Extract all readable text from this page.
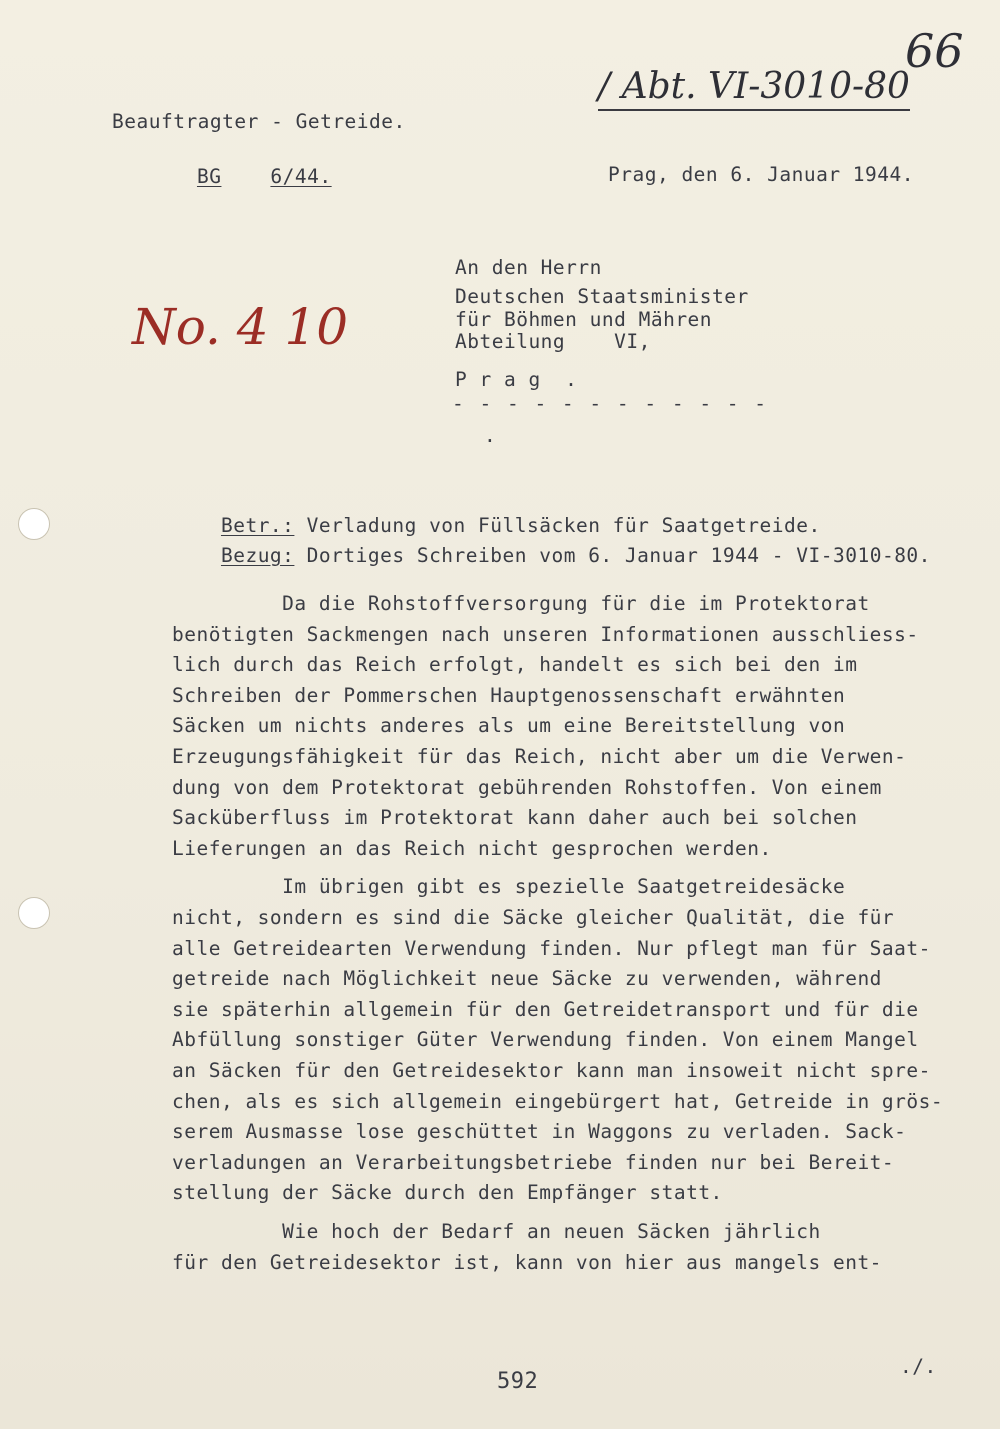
66
/ Abt. VI-3010-80
No. 4 10
Beauftragter - Getreide.

BG	6/44.
	Prag, den 6. Januar 1944.
An den Herrn
Deutschen Staatsminister
für Böhmen und Mähren
Abteilung    VI,
P r a g  .
- - - - - - - - - - - -
.

Betr.: Verladung von Füllsäcken für Saatgetreide.

Bezug: Dortiges Schreiben vom 6. Januar 1944 - VI-3010-80.

Da die Rohstoffversorgung für die im Protektorat
benötigten Sackmengen nach unseren Informationen ausschliess-
lich durch das Reich erfolgt, handelt es sich bei den im
Schreiben der Pommerschen Hauptgenossenschaft erwähnten
Säcken um nichts anderes als um eine Bereitstellung von
Erzeugungsfähigkeit für das Reich, nicht aber um die Verwen-
dung von dem Protektorat gebührenden Rohstoffen. Von einem
Sacküberfluss im Protektorat kann daher auch bei solchen
Lieferungen an das Reich nicht gesprochen werden.
Im übrigen gibt es spezielle Saatgetreidesäcke
nicht, sondern es sind die Säcke gleicher Qualität, die für
alle Getreidearten Verwendung finden. Nur pflegt man für Saat-
getreide nach Möglichkeit neue Säcke zu verwenden, während
sie späterhin allgemein für den Getreidetransport und für die
Abfüllung sonstiger Güter Verwendung finden. Von einem Mangel
an Säcken für den Getreidesektor kann man insoweit nicht spre-
chen, als es sich allgemein eingebürgert hat, Getreide in grös-
serem Ausmasse lose geschüttet in Waggons zu verladen. Sack-
verladungen an Verarbeitungsbetriebe finden nur bei Bereit-
stellung der Säcke durch den Empfänger statt.
Wie hoch der Bedarf an neuen Säcken jährlich
für den Getreidesektor ist, kann von hier aus mangels ent-
592
./.
